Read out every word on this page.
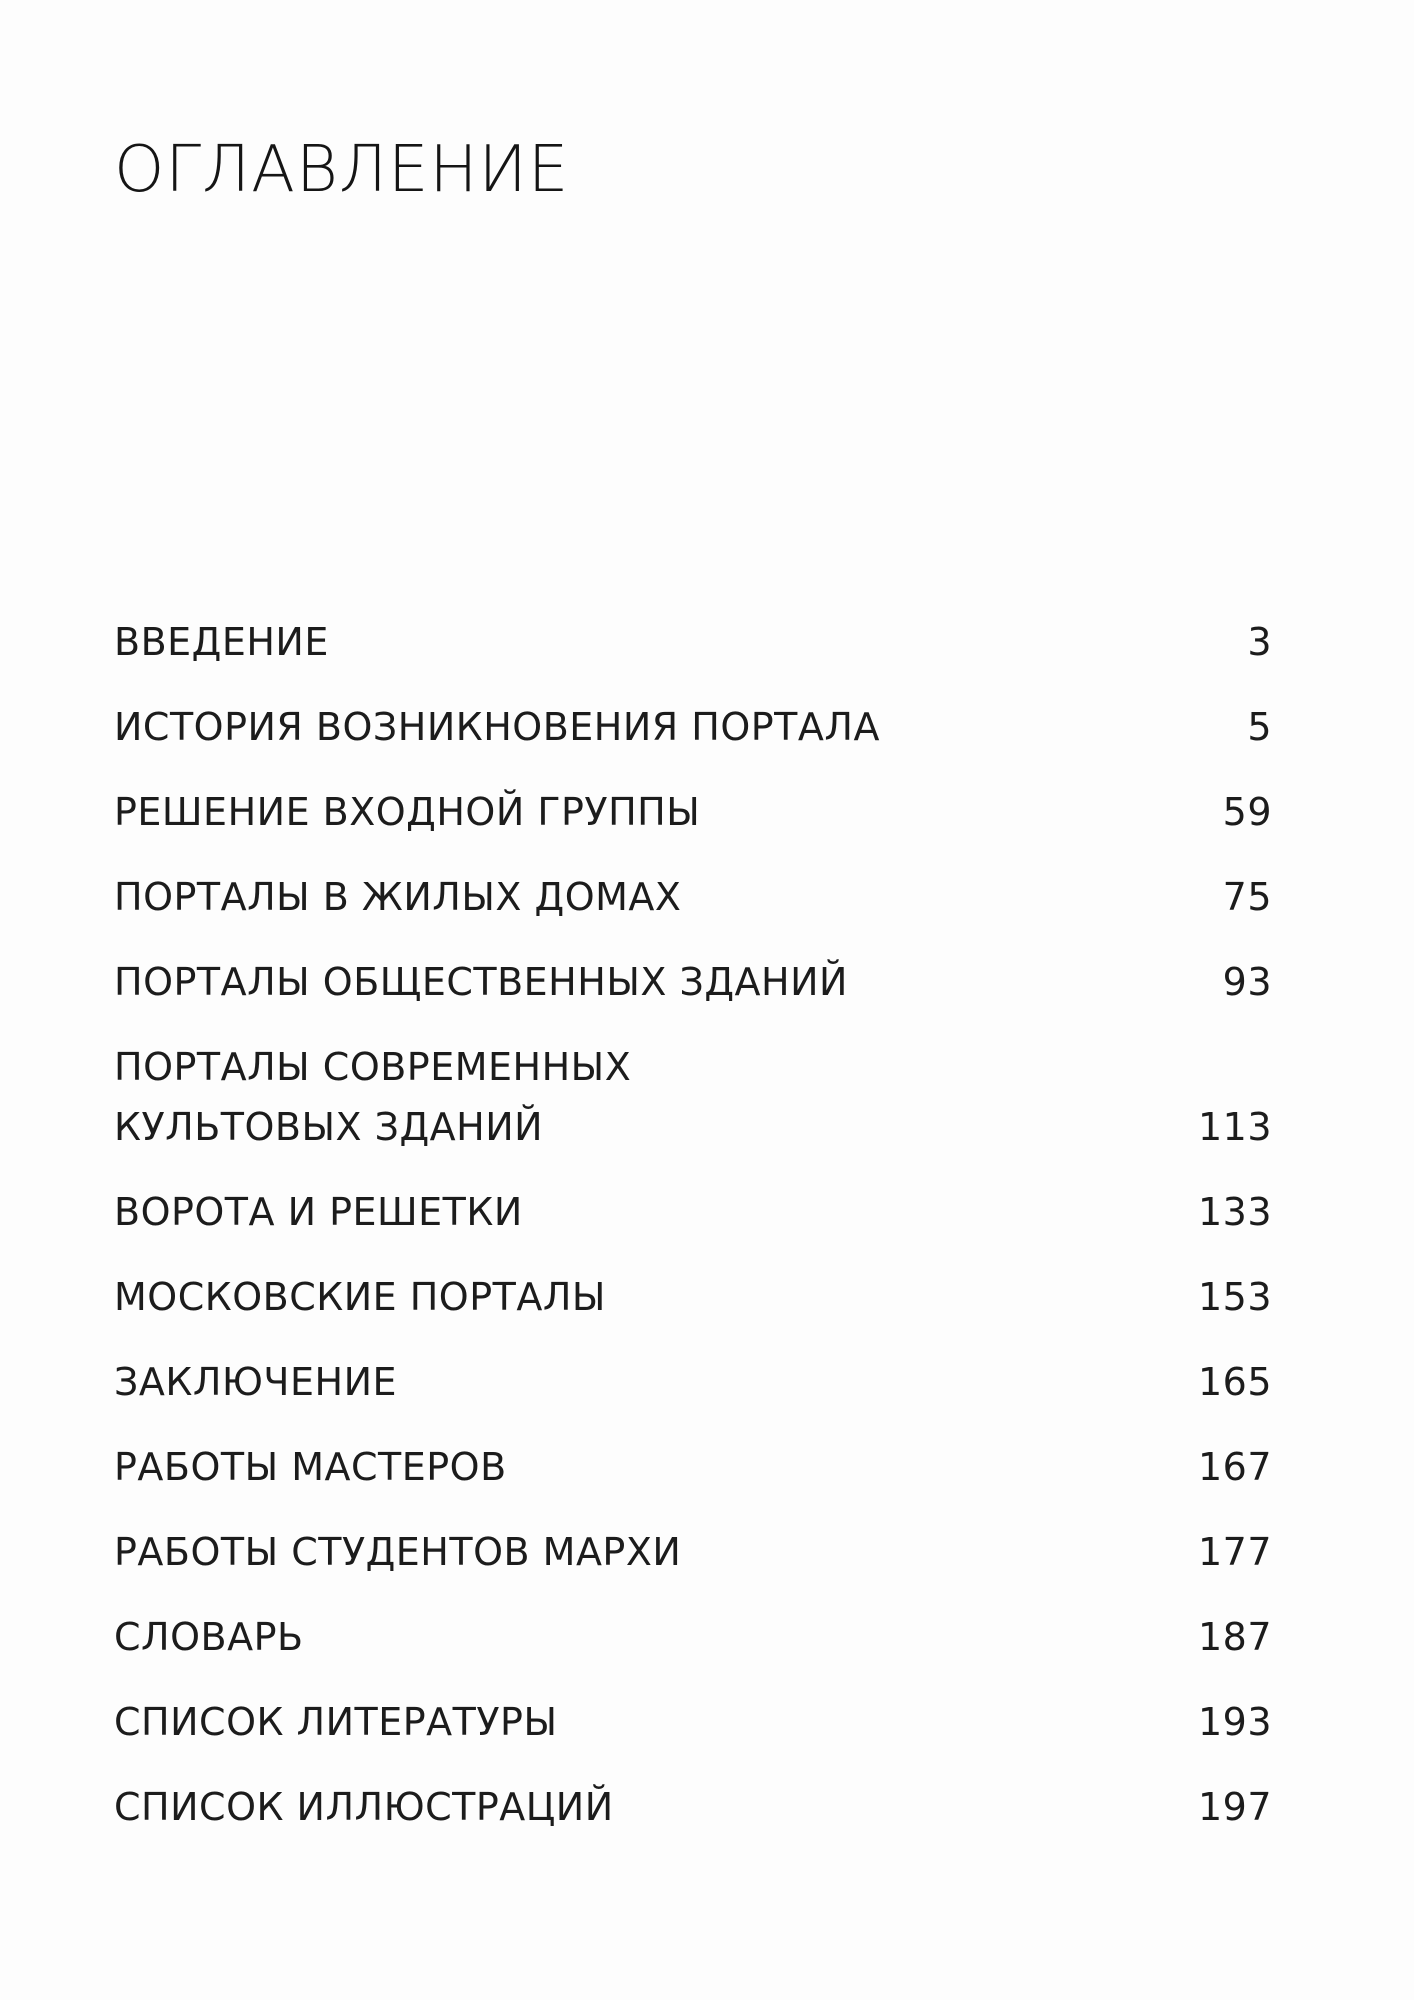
ОГЛАВЛЕНИЕ
ВВЕДЕНИЕ	3
ИСТОРИЯ ВОЗНИКНОВЕНИЯ ПОРТАЛА	5
РЕШЕНИЕ ВХОДНОЙ ГРУППЫ	59
ПОРТАЛЫ В ЖИЛЫХ ДОМАХ	75
ПОРТАЛЫ ОБЩЕСТВЕННЫХ ЗДАНИЙ	93
ПОРТАЛЫ СОВРЕМЕННЫХ
КУЛЬТОВЫХ ЗДАНИЙ	113
ВОРОТА И РЕШЕТКИ	133
МОСКОВСКИЕ ПОРТАЛЫ	153
ЗАКЛЮЧЕНИЕ	165
РАБОТЫ МАСТЕРОВ	167
РАБОТЫ СТУДЕНТОВ МАРХИ	177
СЛОВАРЬ	187
СПИСОК ЛИТЕРАТУРЫ	193
СПИСОК ИЛЛЮСТРАЦИЙ	197
